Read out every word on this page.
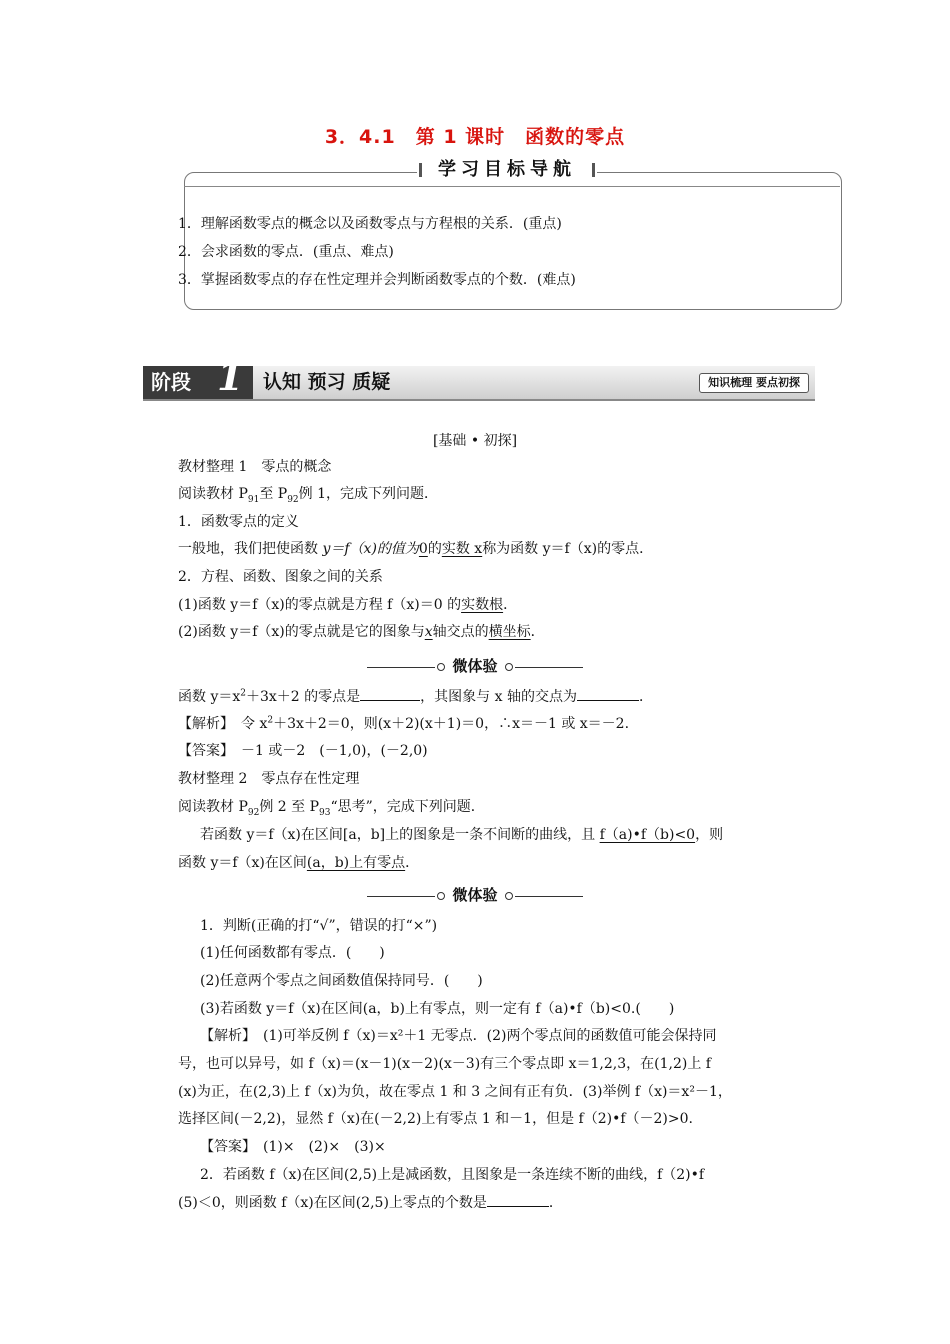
3．4.1　第 1 课时　函数的零点
学习目标导航
1．理解函数零点的概念以及函数零点与方程根的关系．(重点)
2．会求函数的零点．(重点、难点)
3．掌握函数零点的存在性定理并会判断函数零点的个数．(难点)
阶段 1 认知 预习 质疑	知识梳理 要点初探
[基础 • 初探]
教材整理 1　零点的概念
阅读教材 $P_{91}$至 $P_{92}$例 1，完成下列问题．
1．函数零点的定义
一般地，我们把使函数 y＝f（x)的值为0的实数 x称为函数 y＝f（x)的零点．
2．方程、函数、图象之间的关系
(1)函数 y＝f（x)的零点就是方程 f（x)＝0 的实数根．
(2)函数 y＝f（x)的零点就是它的图象与x轴交点的横坐标．
微体验
函数 $y=x^2+3x+2$ 的零点是	，其图象与 x 轴的交点为	．
【解析】　令 $x^2+3x+2=0$，则(x＋2)(x＋1)＝0，∴x＝－1 或 x＝－2.
【答案】　－1 或－2　(－1,0)，(－2,0)
教材整理 2　零点存在性定理
阅读教材 $P_{92}$例 2 至 $P_{93}“$思考”，完成下列问题．
若函数 y＝f（x)在区间[a，b]上的图象是一条不间断的曲线，且 f（a)•f（b)<0，则
函数 y＝f（x)在区间(a，b)上有零点．
微体验
1．判断(正确的打“√”，错误的打“×”)
(1)任何函数都有零点．(　　)
(2)任意两个零点之间函数值保持同号．(　　)
(3)若函数 y＝f（x)在区间(a，b)上有零点，则一定有 f（a)•f（b)<0.(　　)
【解析】　(1)可举反例 f（x)＝x²＋1 无零点．(2)两个零点间的函数值可能会保持同
号，也可以异号，如 f（x)＝(x－1)(x－2)(x－3)有三个零点即 x＝1,2,3，在(1,2)上 f
(x)为正，在(2,3)上 f（x)为负，故在零点 1 和 3 之间有正有负．(3)举例 f（x)＝x²－1，
选择区间(－2,2)，显然 f（x)在(－2,2)上有零点 1 和－1，但是 f（2)•f（－2)>0.
【答案】　(1)×　(2)×　(3)×
2．若函数 f（x)在区间(2,5)上是减函数，且图象是一条连续不断的曲线，f（2)•f
(5)＜0，则函数 f（x)在区间(2,5)上零点的个数是	．
